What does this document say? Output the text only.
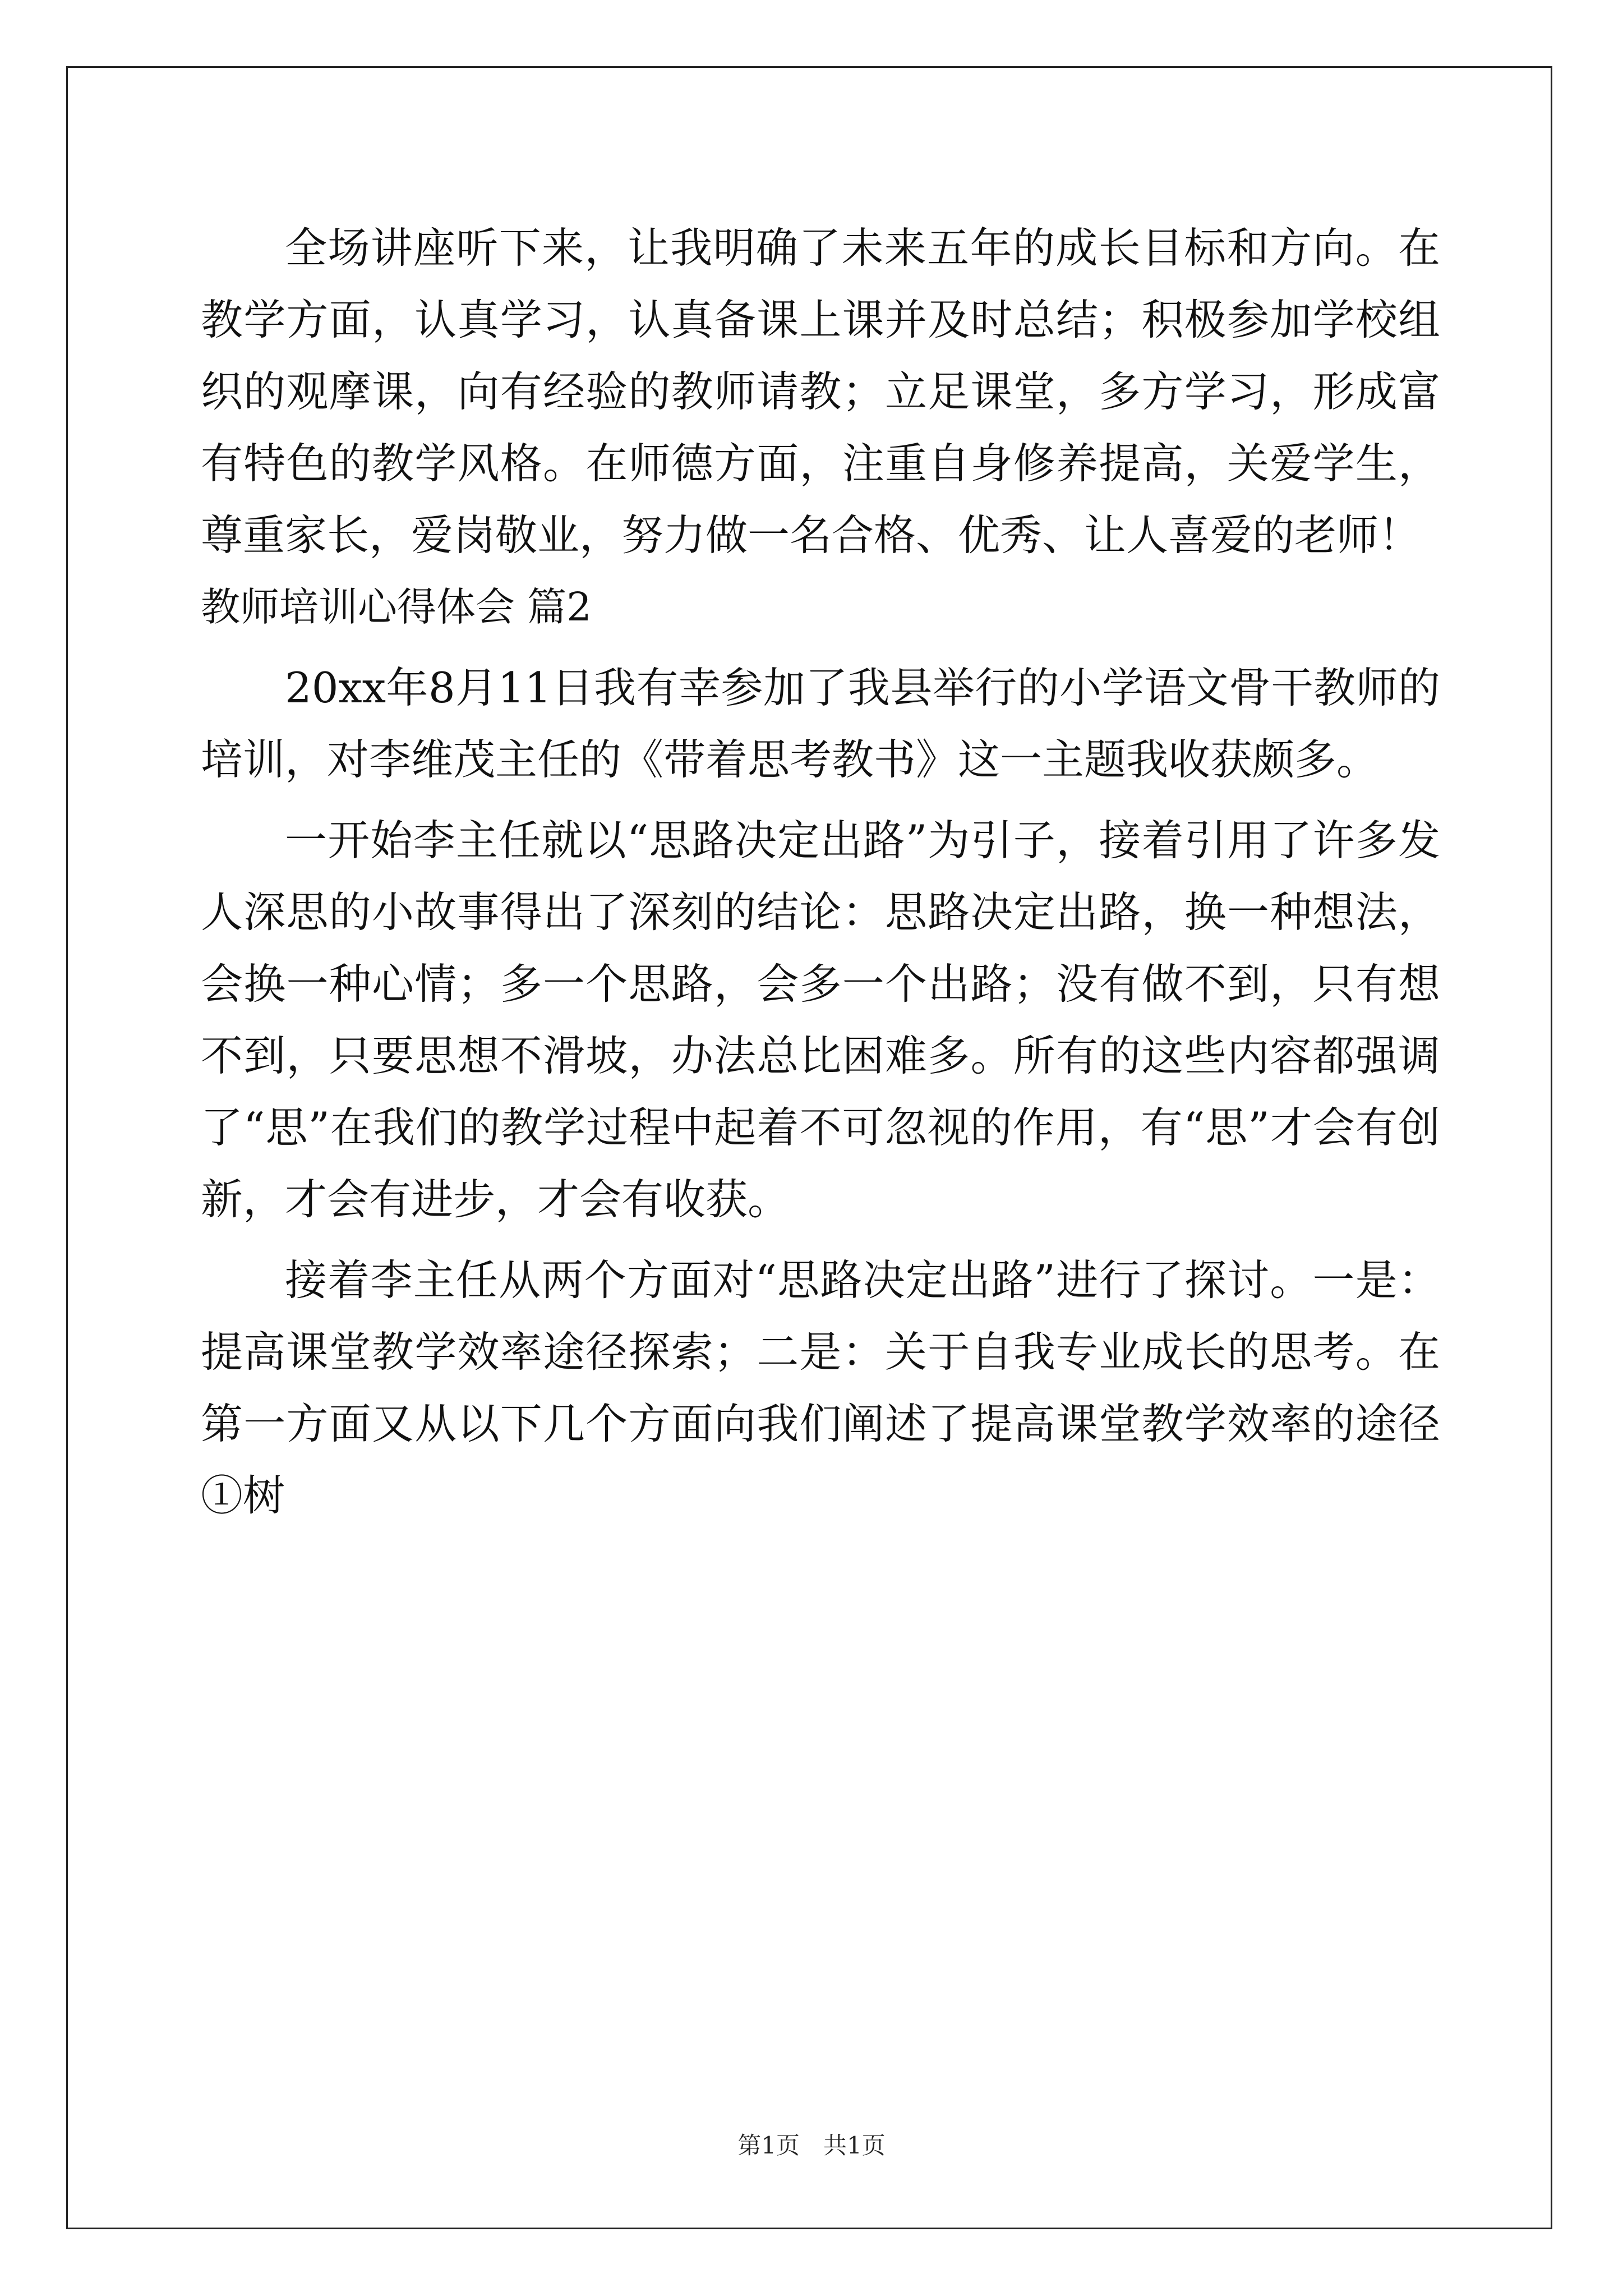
全场讲座听下来，让我明确了未来五年的成长目标和方向。在教学方面，认真学习，认真备课上课并及时总结；积极参加学校组织的观摩课，向有经验的教师请教；立足课堂，多方学习，形成富有特色的教学风格。在师德方面，注重自身修养提高，关爱学生，尊重家长，爱岗敬业，努力做一名合格、优秀、让人喜爱的老师！

教师培训心得体会 篇2

20xx年8月11日我有幸参加了我县举行的小学语文骨干教师的培训，对李维茂主任的《带着思考教书》这一主题我收获颇多。

一开始李主任就以“思路决定出路”为引子，接着引用了许多发人深思的小故事得出了深刻的结论：思路决定出路，换一种想法，会换一种心情；多一个思路，会多一个出路；没有做不到，只有想不到，只要思想不滑坡，办法总比困难多。所有的这些内容都强调了“思”在我们的教学过程中起着不可忽视的作用，有“思”才会有创新，才会有进步，才会有收获。

接着李主任从两个方面对“思路决定出路”进行了探讨。一是：提高课堂教学效率途径探索；二是：关于自我专业成长的思考。在第一方面又从以下几个方面向我们阐述了提高课堂教学效率的途径①树

第1页　共1页
